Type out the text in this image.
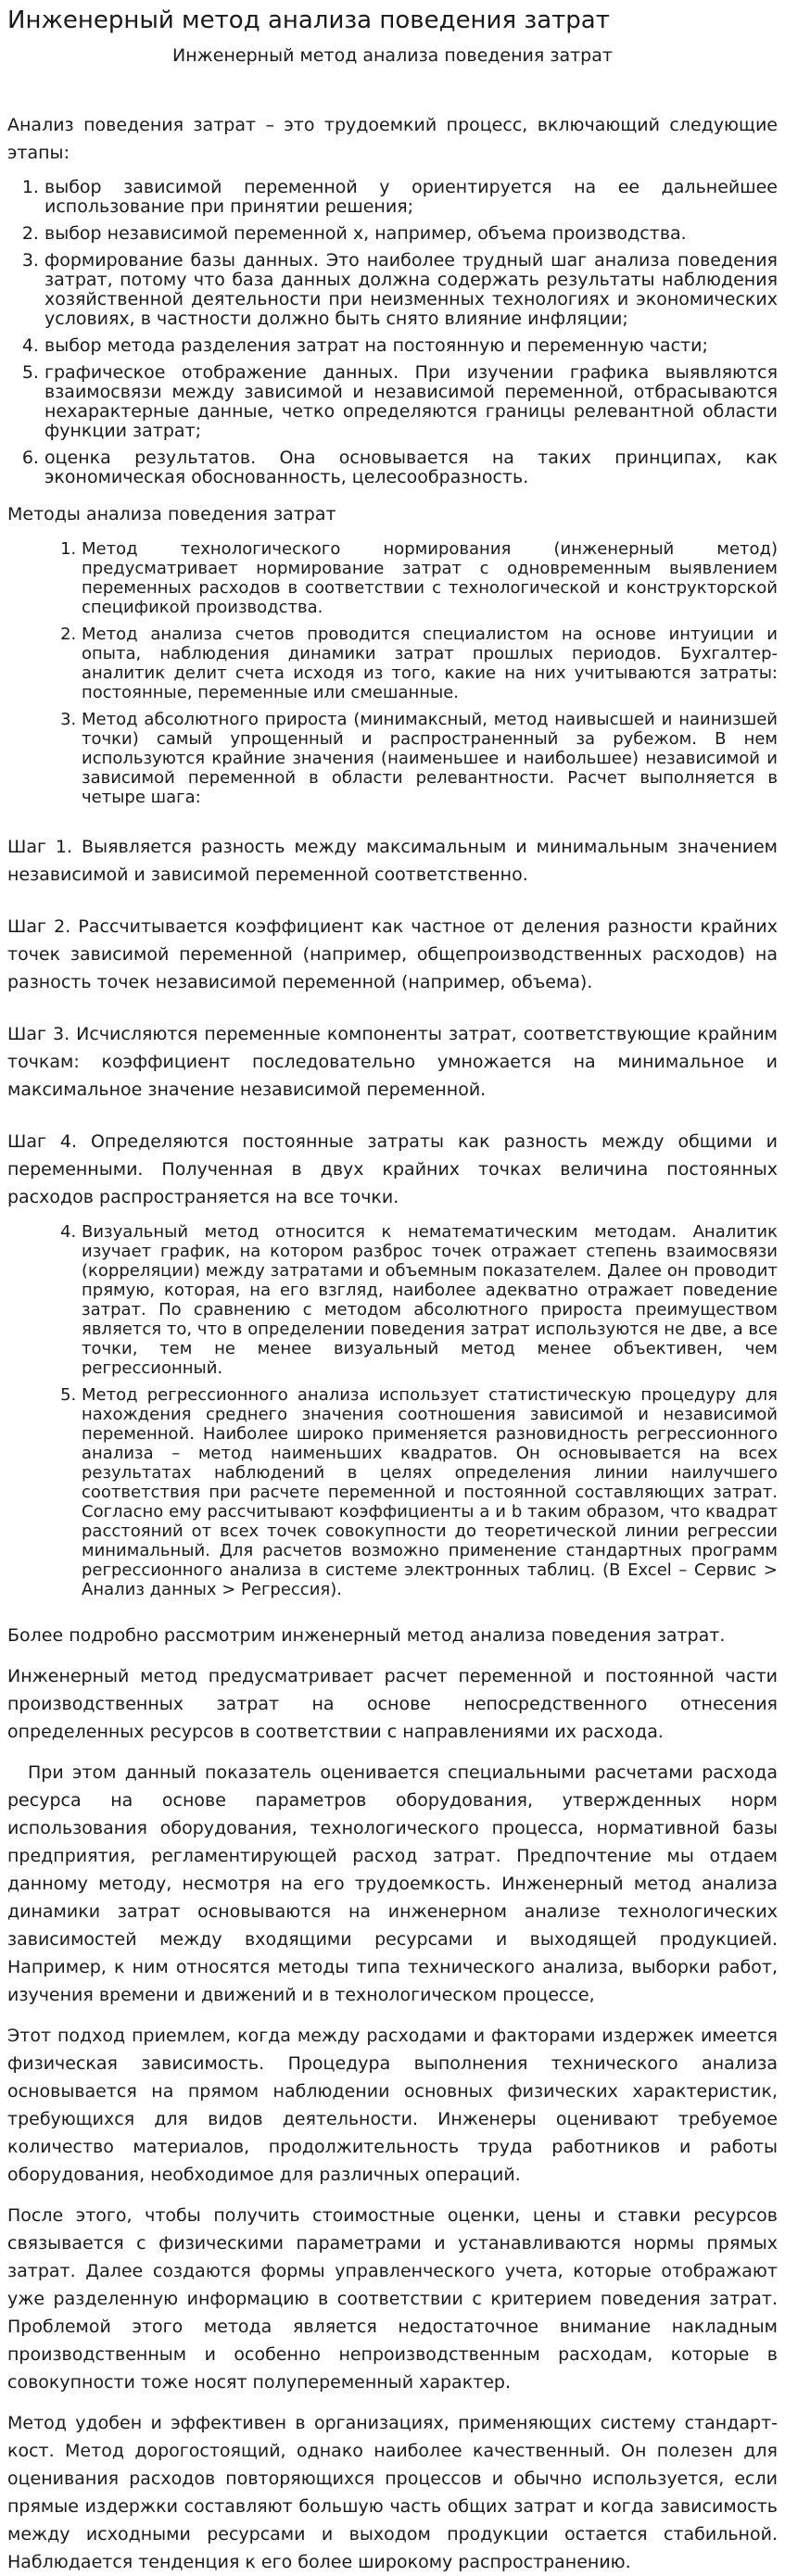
Инженерный метод анализа поведения затрат
Инженерный метод анализа поведения затрат

Анализ поведения затрат – это трудоемкий процесс, включающий следующие этапы:

1. выбор зависимой переменной у ориентируется на ее дальнейшее использование при принятии решения;
2. выбор независимой переменной х, например, объема производства.
3. формирование базы данных. Это наиболее трудный шаг анализа поведения затрат, потому что база данных должна содержать результаты наблюдения хозяйственной деятельности при неизменных технологиях и экономических условиях, в частности должно быть снято влияние инфляции;
4. выбор метода разделения затрат на постоянную и переменную части;
5. графическое отображение данных. При изучении графика выявляются взаимосвязи между зависимой и независимой переменной, отбрасываются нехарактерные данные, четко определяются границы релевантной области функции затрат;
6. оценка результатов. Она основывается на таких принципах, как экономическая обоснованность, целесообразность.

Методы анализа поведения затрат

1. Метод технологического нормирования (инженерный метод) предусматривает нормирование затрат с одновременным выявлением переменных расходов в соответствии с технологической и конструкторской спецификой производства.
2. Метод анализа счетов проводится специалистом на основе интуиции и опыта, наблюдения динамики затрат прошлых периодов. Бухгалтер-аналитик делит счета исходя из того, какие на них учитываются затраты: постоянные, переменные или смешанные.
3. Метод абсолютного прироста (минимаксный, метод наивысшей и наинизшей точки) самый упрощенный и распространенный за рубежом. В нем используются крайние значения (наименьшее и наибольшее) независимой и зависимой переменной в области релевантности. Расчет выполняется в четыре шага:

Шаг 1. Выявляется разность между максимальным и минимальным значением независимой и зависимой переменной соответственно.

Шаг 2. Рассчитывается коэффициент как частное от деления разности крайних точек зависимой переменной (например, общепроизводственных расходов) на разность точек независимой переменной (например, объема).

Шаг 3. Исчисляются переменные компоненты затрат, соответствующие крайним точкам: коэффициент последовательно умножается на минимальное и максимальное значение независимой переменной.

Шаг 4. Определяются постоянные затраты как разность между общими и переменными. Полученная в двух крайних точках величина постоянных расходов распространяется на все точки.

4. Визуальный метод относится к нематематическим методам. Аналитик изучает график, на котором разброс точек отражает степень взаимосвязи (корреляции) между затратами и объемным показателем. Далее он проводит прямую, которая, на его взгляд, наиболее адекватно отражает поведение затрат. По сравнению с методом абсолютного прироста преимуществом является то, что в определении поведения затрат используются не две, а все точки, тем не менее визуальный метод менее объективен, чем регрессионный.
5. Метод регрессионного анализа использует статистическую процедуру для нахождения среднего значения соотношения зависимой и независимой переменной. Наиболее широко применяется разновидность регрессионного анализа – метод наименьших квадратов. Он основывается на всех результатах наблюдений в целях определения линии наилучшего соответствия при расчете переменной и постоянной составляющих затрат. Согласно ему рассчитывают коэффициенты a и b таким образом, что квадрат расстояний от всех точек совокупности до теоретической линии регрессии минимальный. Для расчетов возможно применение стандартных программ регрессионного анализа в системе электронных таблиц. (В Excel – Сервис > Анализ данных > Регрессия).

Более подробно рассмотрим инженерный метод анализа поведения затрат.

Инженерный метод предусматривает расчет переменной и постоянной части производственных затрат на основе непосредственного отнесения определенных ресурсов в соответствии с направлениями их расхода.

При этом данный показатель оценивается специальными расчетами расхода ресурса на основе параметров оборудования, утвержденных норм использования оборудования, технологического процесса, нормативной базы предприятия, регламентирующей расход затрат. Предпочтение мы отдаем данному методу, несмотря на его трудоемкость. Инженерный метод анализа динамики затрат основываются на инженерном анализе технологических зависимостей между входящими ресурсами и выходящей продукцией. Например, к ним относятся методы типа технического анализа, выборки работ, изучения времени и движений и в технологическом процессе,

Этот подход приемлем, когда между расходами и факторами издержек имеется физическая зависимость. Процедура выполнения технического анализа основывается на прямом наблюдении основных физических характеристик, требующихся для видов деятельности. Инженеры оценивают требуемое количество материалов, продолжительность труда работников и работы оборудования, необходимое для различных операций.

После этого, чтобы получить стоимостные оценки, цены и ставки ресурсов связывается с физическими параметрами и устанавливаются нормы прямых затрат. Далее создаются формы управленческого учета, которые отображают уже разделенную информацию в соответствии с критерием поведения затрат. Проблемой этого метода является недостаточное внимание накладным производственным и особенно непроизводственным расходам, которые в совокупности тоже носят полупеременный характер.

Метод удобен и эффективен в организациях, применяющих систему стандарт-кост. Метод дорогостоящий, однако наиболее качественный. Он полезен для оценивания расходов повторяющихся процессов и обычно используется, если прямые издержки составляют большую часть общих затрат и когда зависимость между исходными ресурсами и выходом продукции остается стабильной. Наблюдается тенденция к его более широкому распространению.
